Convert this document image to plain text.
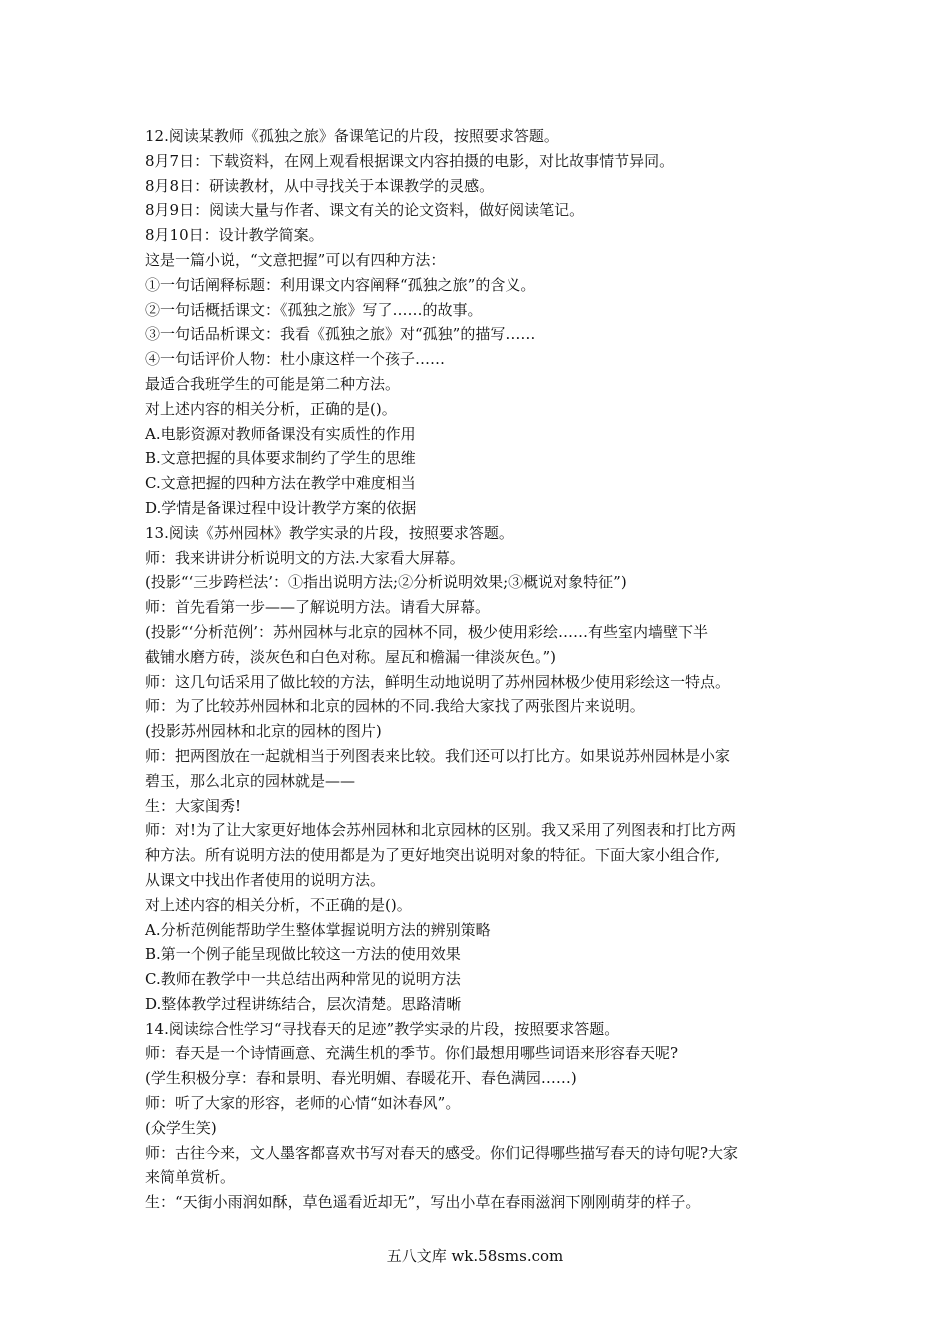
12.阅读某教师《孤独之旅》备课笔记的片段，按照要求答题。
8月7日：下载资料，在网上观看根据课文内容拍摄的电影，对比故事情节异同。
8月8日：研读教材，从中寻找关于本课教学的灵感。
8月9日：阅读大量与作者、课文有关的论文资料，做好阅读笔记。
8月10日：设计教学简案。
这是一篇小说，“文意把握”可以有四种方法：
①一句话阐释标题：利用课文内容阐释“孤独之旅”的含义。
②一句话概括课文：《孤独之旅》写了……的故事。
③一句话品析课文：我看《孤独之旅》对“孤独”的描写……
④一句话评价人物：杜小康这样一个孩子……
最适合我班学生的可能是第二种方法。
对上述内容的相关分析，正确的是()。
A.电影资源对教师备课没有实质性的作用
B.文意把握的具体要求制约了学生的思维
C.文意把握的四种方法在教学中难度相当
D.学情是备课过程中设计教学方案的依据
13.阅读《苏州园林》教学实录的片段，按照要求答题。
师：我来讲讲分析说明文的方法.大家看大屏幕。
(投影“‘三步跨栏法’：①指出说明方法;②分析说明效果;③概说对象特征”)
师：首先看第一步——了解说明方法。请看大屏幕。
(投影“‘分析范例’：苏州园林与北京的园林不同，极少使用彩绘……有些室内墙壁下半
截铺水磨方砖，淡灰色和白色对称。屋瓦和檐漏一律淡灰色。”)
师：这几句话采用了做比较的方法，鲜明生动地说明了苏州园林极少使用彩绘这一特点。
师：为了比较苏州园林和北京的园林的不同.我给大家找了两张图片来说明。
(投影苏州园林和北京的园林的图片)
师：把两图放在一起就相当于列图表来比较。我们还可以打比方。如果说苏州园林是小家
碧玉，那么北京的园林就是——
生：大家闺秀!
师：对!为了让大家更好地体会苏州园林和北京园林的区别。我又采用了列图表和打比方两
种方法。所有说明方法的使用都是为了更好地突出说明对象的特征。下面大家小组合作,
从课文中找出作者使用的说明方法。
对上述内容的相关分析，不正确的是()。
A.分析范例能帮助学生整体掌握说明方法的辨别策略
B.第一个例子能呈现做比较这一方法的使用效果
C.教师在教学中一共总结出两种常见的说明方法
D.整体教学过程讲练结合，层次清楚。思路清晰
14.阅读综合性学习“寻找春天的足迹”教学实录的片段，按照要求答题。
师：春天是一个诗情画意、充满生机的季节。你们最想用哪些词语来形容春天呢?
(学生积极分享：春和景明、春光明媚、春暖花开、春色满园……)
师：听了大家的形容，老师的心情“如沐春风”。
(众学生笑)
师：古往今来，文人墨客都喜欢书写对春天的感受。你们记得哪些描写春天的诗句呢?大家
来简单赏析。
生：“天街小雨润如酥，草色遥看近却无”，写出小草在春雨滋润下刚刚萌芽的样子。
五八文库 wk.58sms.com
